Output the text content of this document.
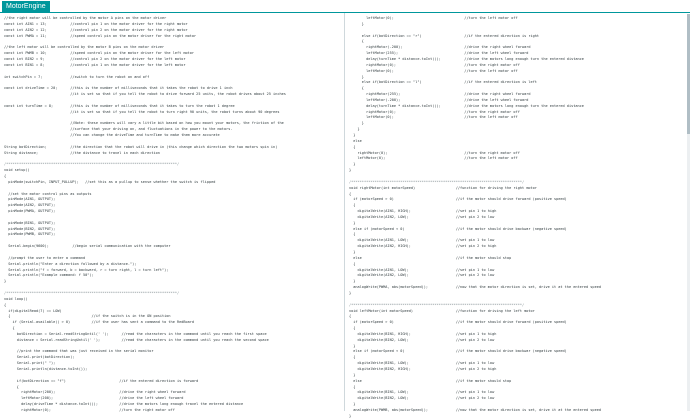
MotorEngine
//the right motor will be controlled by the motor A pins on the motor driver
const int AIN1 = 13;           //control pin 1 on the motor driver for the right motor
const int AIN2 = 12;           //control pin 2 on the motor driver for the right motor
const int PWMA = 11;           //speed control pin on the motor driver for the right motor
//the left motor will be controlled by the motor B pins on the motor driver
const int PWMB = 10;           //speed control pin on the motor driver for the left motor
const int BIN2 = 9;            //control pin 2 on the motor driver for the left motor
const int BIN1 = 8;            //control pin 1 on the motor driver for the left motor
int switchPin = 7;             //switch to turn the robot on and off
const int driveTime = 20;      //this is the number of milliseconds that it takes the robot to drive 1 inch
//it is set so that if you tell the robot to drive forward 25 units, the robot drives about 25 inches
const int turnTime = 8;        //this is the number of milliseconds that it takes to turn the robot 1 degree
//it is set so that if you tell the robot to turn right 90 units, the robot turns about 90 degrees
//Note: these numbers will vary a little bit based on how you mount your motors, the friction of the
//surface that your driving on, and fluctuations in the power to the motors.
//You can change the driveTime and turnTime to make them more accurate
String botDirection;           //the direction that the robot will drive in (this change which direction the two motors spin in)
String distance;               //the distance to travel in each direction
/********************************************************************************/
void setup()
{
pinMode(switchPin, INPUT_PULLUP);   //set this as a pullup to sense whether the switch is flipped
//set the motor control pins as outputs
pinMode(AIN1, OUTPUT);
pinMode(AIN2, OUTPUT);
pinMode(PWMA, OUTPUT);
pinMode(BIN1, OUTPUT);
pinMode(BIN2, OUTPUT);
pinMode(PWMB, OUTPUT);
Serial.begin(9600);           //begin serial communication with the computer
//prompt the user to enter a command
Serial.println("Enter a direction followed by a distance.");
Serial.println("f = forward, b = backward, r = turn right, l = turn left");
Serial.println("Example command: f 50");
}
/********************************************************************************/
void loop()
{
if(digitalRead(7) == LOW)
{                                      //if the switch is in the ON position
if (Serial.available() > 0)          //if the user has sent a command to the RedBoard
{
botDirection = Serial.readStringUntil(' ');      //read the characters in the command until you reach the first space
distance = Serial.readStringUntil(' ');          //read the characters in the command until you reach the second space
//print the command that was just received in the serial monitor
Serial.print(botDirection);
Serial.print(" ");
Serial.println(distance.toInt());
if(botDirection == "f")                         //if the entered direction is forward
{
rightMotor(200);                              //drive the right wheel forward
leftMotor(200);                               //drive the left wheel forward
delay(driveTime * distance.toInt());          //drive the motors long enough travel the entered distance
rightMotor(0);                                //turn the right motor off
leftMotor(0);                                 //turn the left motor off
}
else if(botDirection == "r")                    //if the entered direction is right
{
rightMotor(-200);                             //drive the right wheel forward
leftMotor(255);                               //drive the left wheel forward
delay(turnTime * distance.toInt());           //drive the motors long enough turn the entered distance
rightMotor(0);                                //turn the right motor off
leftMotor(0);                                 //turn the left motor off
}
else if(botDirection == "l")                    //if the entered direction is left
{
rightMotor(255);                              //drive the right wheel forward
leftMotor(-200);                              //drive the left wheel forward
delay(turnTime * distance.toInt());           //drive the motors long enough turn the entered distance
rightMotor(0);                                //turn the right motor off
leftMotor(0);                                 //turn the left motor off
}
}
}
else
{
rightMotor(0);                                    //turn the right motor off
leftMotor(0);                                     //turn the left motor off
}
}
/********************************************************************************/
void rightMotor(int motorSpeed)                   //function for driving the right motor
{
if (motorSpeed > 0)                             //if the motor should drive forward (positive speed)
{
digitalWrite(AIN1, HIGH);                     //set pin 1 to high
digitalWrite(AIN2, LOW);                      //set pin 2 to low
}
else if (motorSpeed < 0)                        //if the motor should drive backwar (negative speed)
{
digitalWrite(AIN1, LOW);                      //set pin 1 to low
digitalWrite(AIN2, HIGH);                     //set pin 2 to high
}
else                                            //if the motor should stop
{
digitalWrite(AIN1, LOW);                      //set pin 1 to low
digitalWrite(AIN2, LOW);                      //set pin 2 to low
}
analogWrite(PWMA, abs(motorSpeed));             //now that the motor direction is set, drive it at the entered speed
}
/********************************************************************************/
void leftMotor(int motorSpeed)                    //function for driving the left motor
{
if (motorSpeed > 0)                             //if the motor should drive forward (positive speed)
{
digitalWrite(BIN1, HIGH);                     //set pin 1 to high
digitalWrite(BIN2, LOW);                      //set pin 2 to low
}
else if (motorSpeed < 0)                        //if the motor should drive backwar (negative speed)
{
digitalWrite(BIN1, LOW);                      //set pin 1 to low
digitalWrite(BIN2, HIGH);                     //set pin 2 to high
}
else                                            //if the motor should stop
{
digitalWrite(BIN1, LOW);                      //set pin 1 to low
digitalWrite(BIN2, LOW);                      //set pin 2 to low
}
analogWrite(PWMB, abs(motorSpeed));             //now that the motor direction is set, drive it at the entered speed
}
